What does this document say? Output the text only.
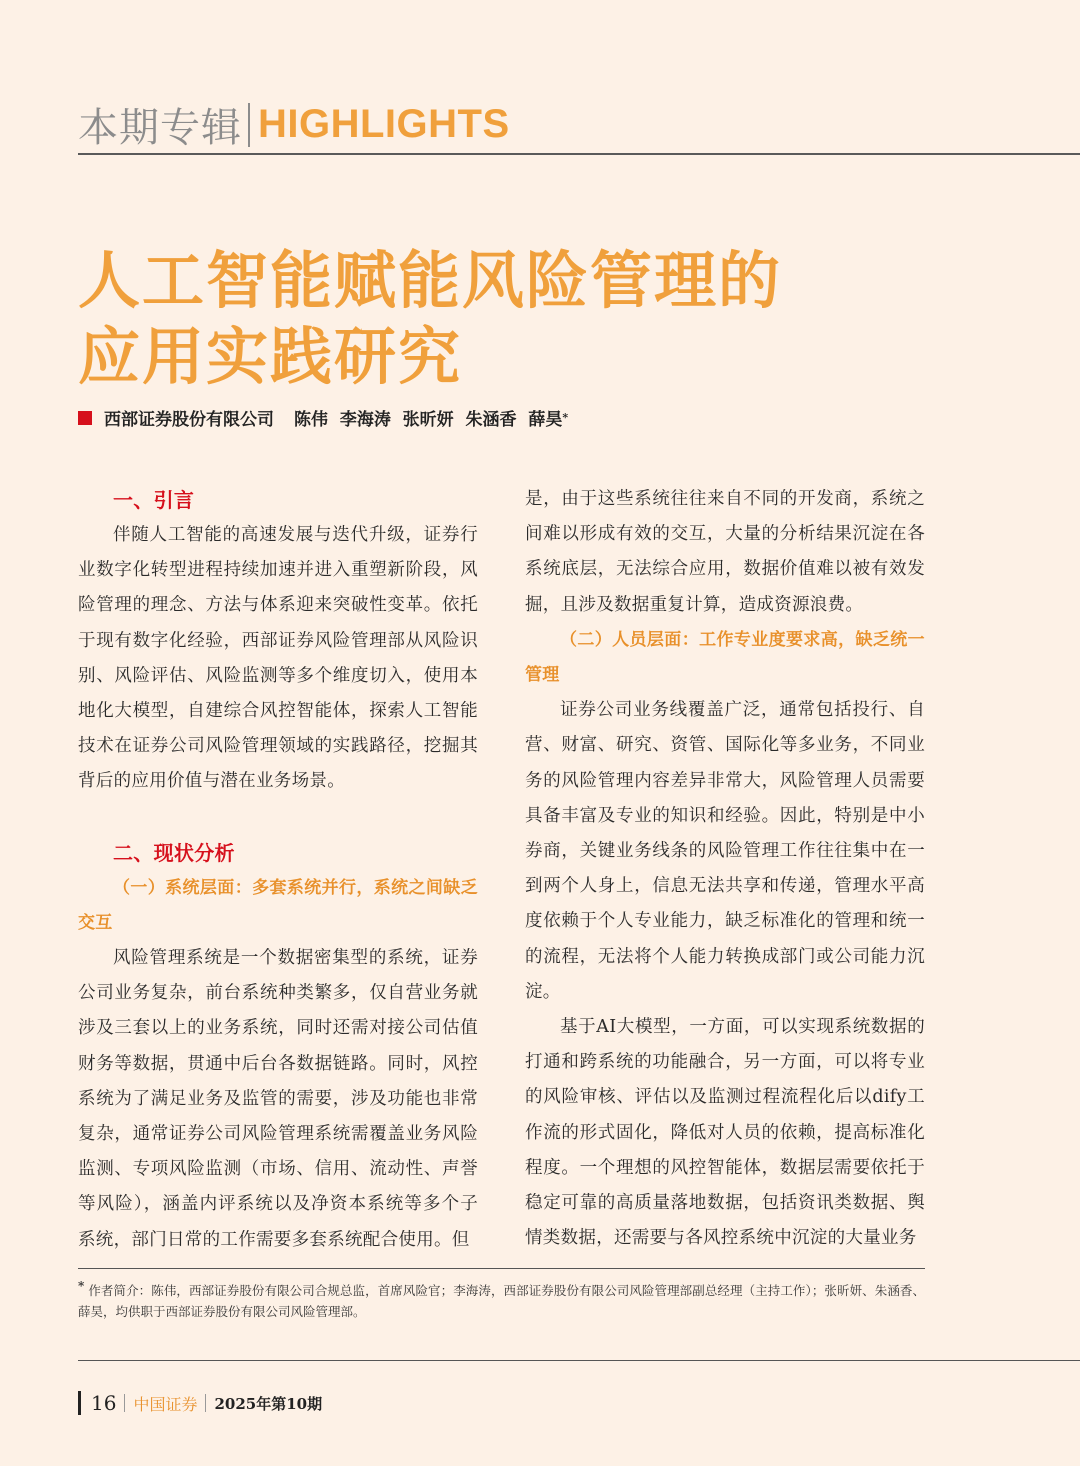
本期专辑 HIGHLIGHTS
人工智能赋能风险管理的
应用实践研究
西部证券股份有限公司 陈伟  李海涛  张昕妍  朱涵香  薛昊 *
一、引言

伴随人工智能的高速发展与迭代升级，证券行业数字化转型进程持续加速并进入重塑新阶段，风险管理的理念、方法与体系迎来突破性变革。依托于现有数字化经验，西部证券风险管理部从风险识别、风险评估、风险监测等多个维度切入，使用本地化大模型，自建综合风控智能体，探索人工智能技术在证券公司风险管理领域的实践路径，挖掘其背后的应用价值与潜在业务场景。

二、现状分析
（一）系统层面：多套系统并行，系统之间缺乏交互

风险管理系统是一个数据密集型的系统，证券公司业务复杂，前台系统种类繁多，仅自营业务就涉及三套以上的业务系统，同时还需对接公司估值财务等数据，贯通中后台各数据链路。同时，风控系统为了满足业务及监管的需要，涉及功能也非常复杂，通常证券公司风险管理系统需覆盖业务风险监测、专项风险监测（市场、信用、流动性、声誉等风险），涵盖内评系统以及净资本系统等多个子系统，部门日常的工作需要多套系统配合使用。但

是，由于这些系统往往来自不同的开发商，系统之间难以形成有效的交互，大量的分析结果沉淀在各系统底层，无法综合应用，数据价值难以被有效发掘，且涉及数据重复计算，造成资源浪费。

（二）人员层面：工作专业度要求高，缺乏统一管理

证券公司业务线覆盖广泛，通常包括投行、自营、财富、研究、资管、国际化等多业务，不同业务的风险管理内容差异非常大，风险管理人员需要具备丰富及专业的知识和经验。因此，特别是中小券商，关键业务线条的风险管理工作往往集中在一到两个人身上，信息无法共享和传递，管理水平高度依赖于个人专业能力，缺乏标准化的管理和统一的流程，无法将个人能力转换成部门或公司能力沉淀。

基于AI大模型，一方面，可以实现系统数据的打通和跨系统的功能融合，另一方面，可以将专业的风险审核、评估以及监测过程流程化后以dify工作流的形式固化，降低对人员的依赖，提高标准化程度。一个理想的风控智能体，数据层需要依托于稳定可靠的高质量落地数据，包括资讯类数据、舆情类数据，还需要与各风控系统中沉淀的大量业务

* 作者简介：陈伟，西部证券股份有限公司合规总监，首席风险官；李海涛，西部证券股份有限公司风险管理部副总经理（主持工作）；张昕妍、朱涵香、薛昊，均供职于西部证券股份有限公司风险管理部。
16 中国证券 2025年第10期
